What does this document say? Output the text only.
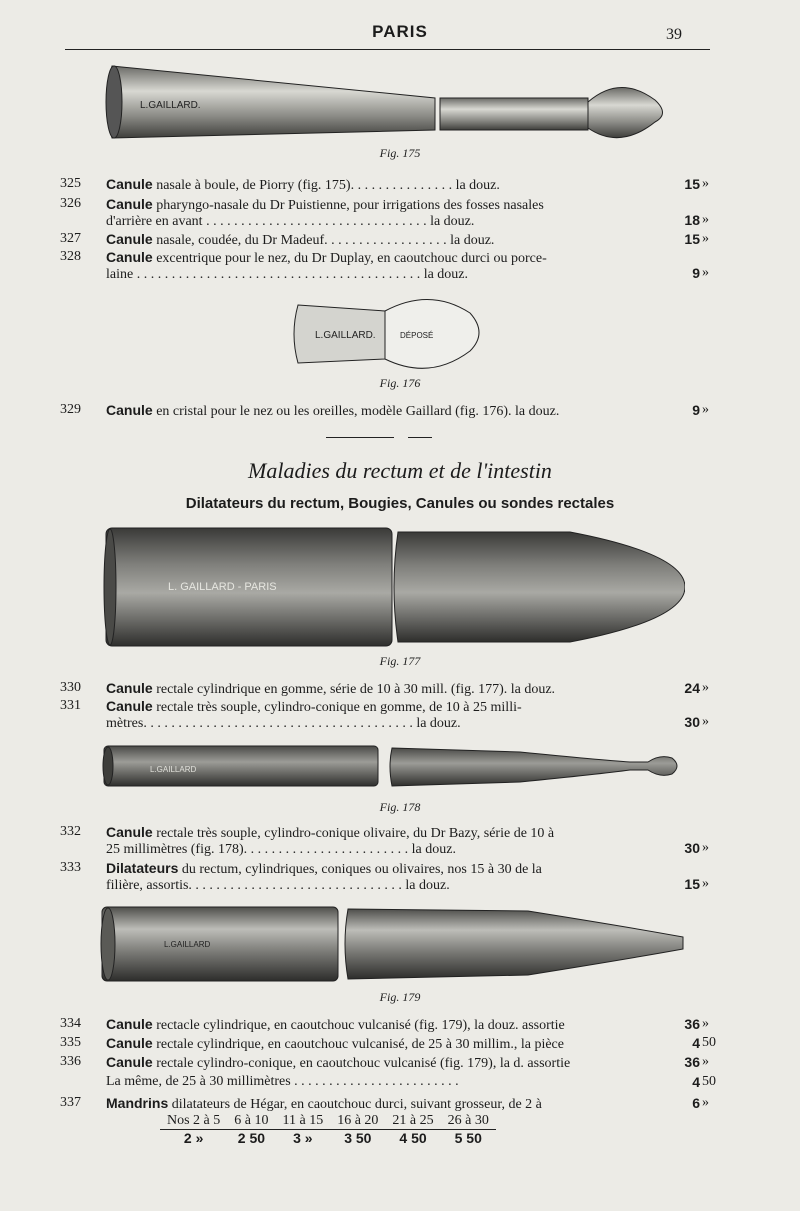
PARIS	39
L.GAILLARD.
Fig. 175
325	Canule nasale à boule, de Piorry (fig. 175). . . . . . . . . . . . . . . la douz.	15 »
326	Canule pharyngo-nasale du Dr Puistienne, pour irrigations des fosses nasales
d'arrière en avant . . . . . . . . . . . . . . . . . . . . . . . . . . . . . . . . la douz.	18 »
327	Canule nasale, coudée, du Dr Madeuf. . . . . . . . . . . . . . . . . . la douz.	15 »
328	Canule excentrique pour le nez, du Dr Duplay, en caoutchouc durci ou porce-
laine . . . . . . . . . . . . . . . . . . . . . . . . . . . . . . . . . . . . . . . . . la douz.	9 »
L.GAILLARD.	DÉPOSÉ
Fig. 176
329	Canule en cristal pour le nez ou les oreilles, modèle Gaillard (fig. 176). la douz.	9 »
Maladies du rectum et de l'intestin
Dilatateurs du rectum, Bougies, Canules ou sondes rectales
L. GAILLARD - PARIS
Fig. 177
330	Canule rectale cylindrique en gomme, série de 10 à 30 mill. (fig. 177). la douz.	24 »
331	Canule rectale très souple, cylindro-conique en gomme, de 10 à 25 milli-
mètres. . . . . . . . . . . . . . . . . . . . . . . . . . . . . . . . . . . . . . . la douz.	30 »
L.GAILLARD
Fig. 178
332	Canule rectale très souple, cylindro-conique olivaire, du Dr Bazy, série de 10 à
25 millimètres (fig. 178). . . . . . . . . . . . . . . . . . . . . . . . la douz.	30 »
333	Dilatateurs du rectum, cylindriques, coniques ou olivaires, nos 15 à 30 de la
filière, assortis. . . . . . . . . . . . . . . . . . . . . . . . . . . . . . . la douz.	15 »
L.GAILLARD
Fig. 179
334	Canule rectacle cylindrique, en caoutchouc vulcanisé (fig. 179), la douz. assortie	36 »
335	Canule rectale cylindrique, en caoutchouc vulcanisé, de 25 à 30 millim., la pièce	4 50
336	Canule rectale cylindro-conique, en caoutchouc vulcanisé (fig. 179), la d. assortie	36 »
La même, de 25 à 30 millimètres . . . . . . . . . . . . . . . . . . . . . . . .	4 50
337	Mandrins dilatateurs de Hégar, en caoutchouc durci, suivant grosseur, de 2 à	6 »
Nos 2 à 5	6 à 10	11 à 15	16 à 20	21 à 25	26 à 30
2 »	2 50	3 »	3 50	4 50	5 50
